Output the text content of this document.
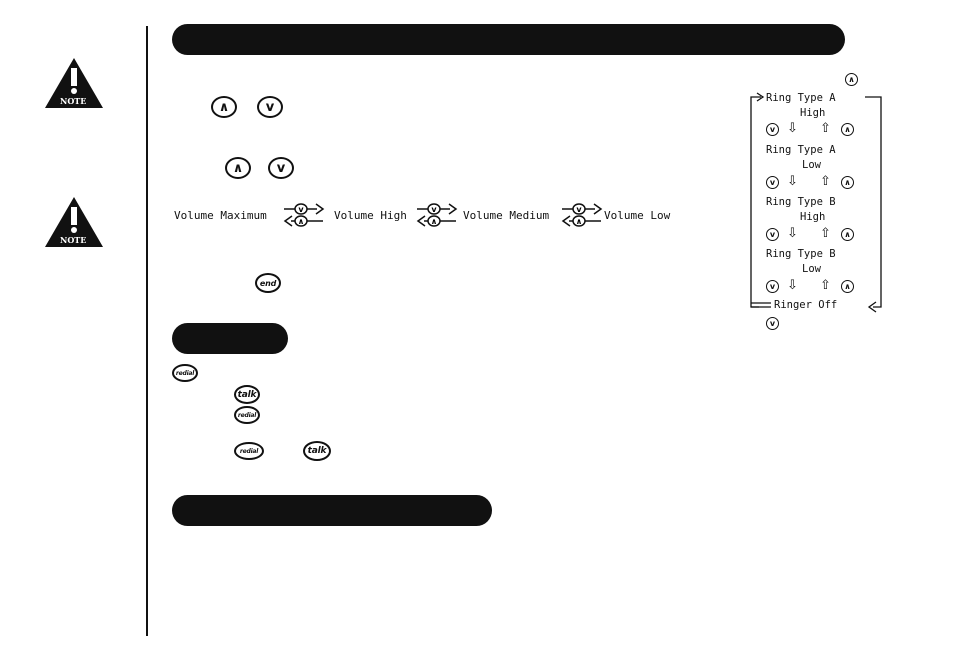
NOTE
NOTE
∧	v
∧	v
Volume Maximum	Volume High	Volume Medium	Volume Low
v
∧
v
∧
v
∧
end
redial
talk
redial
redial	talk
∧
Ring Type A
High
v ⇩ ⇧	∧
Ring Type A
Low
v ⇩ ⇧	∧
Ring Type B
High
v ⇩ ⇧	∧
Ring Type B
Low
v ⇩ ⇧	∧
Ringer Off
v
